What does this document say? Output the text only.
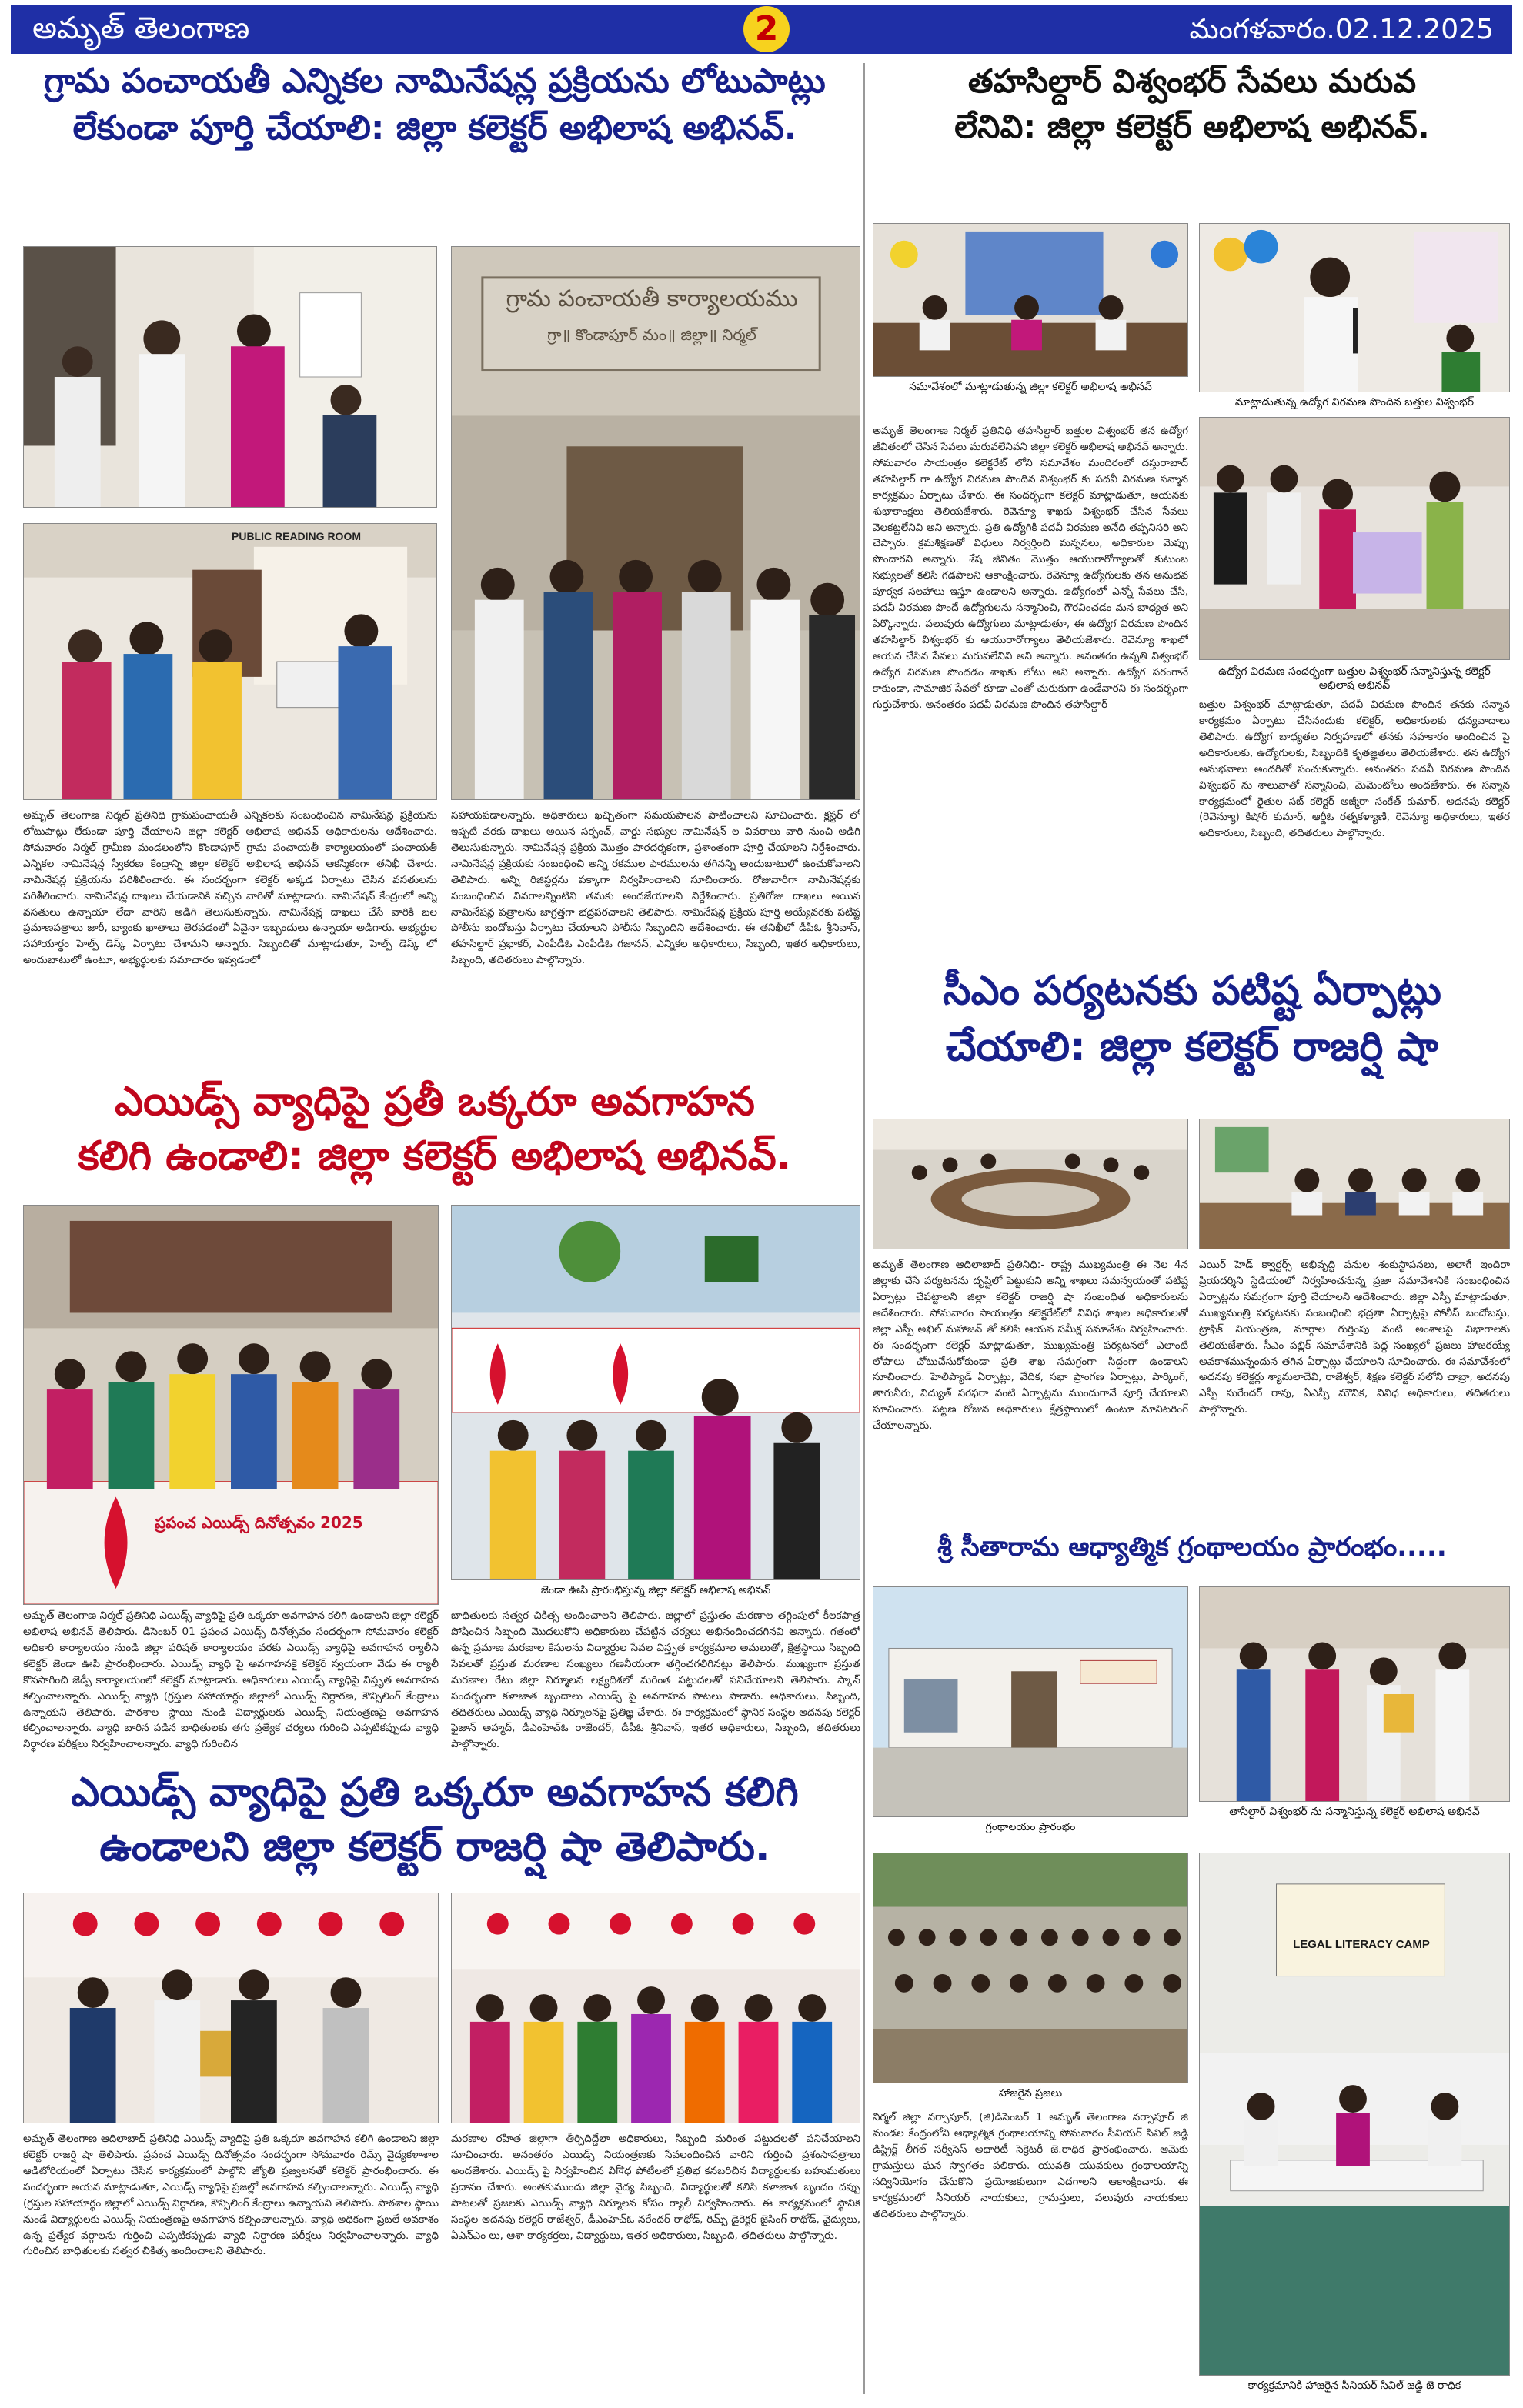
అమృత్ తెలంగాణ	2	మంగళవారం.02.12.2025
గ్రామ పంచాయతీ ఎన్నికల నామినేషన్ల ప్రక్రియను లోటుపాట్లు
లేకుండా పూర్తి చేయాలి: జిల్లా కలెక్టర్ అభిలాష అభినవ్.
PUBLIC READING ROOM
గ్రామ పంచాయతీ కార్యాలయము
గ్రా॥ కొండాపూర్ మం॥ జిల్లా॥ నిర్మల్
అమృత్ తెలంగాణ నిర్మల్ ప్రతినిధి గ్రామపంచాయతీ ఎన్నికలకు సంబంధించిన నామినేషన్ల ప్రక్రియను లోటుపాట్లు లేకుండా పూర్తి చేయాలని జిల్లా కలెక్టర్ అభిలాష అభినవ్ అధికారులను ఆదేశించారు. సోమవారం నిర్మల్ గ్రామీణ మండలంలోని కొండాపూర్ గ్రామ పంచాయతీ కార్యాలయంలో పంచాయతీ ఎన్నికల నామినేషన్ల స్వీకరణ కేంద్రాన్ని జిల్లా కలెక్టర్ అభిలాష అభినవ్ ఆకస్మికంగా తనిఖీ చేశారు. నామినేషన్ల ప్రక్రియను పరిశీలించారు. ఈ సందర్భంగా కలెక్టర్ అక్కడ ఏర్పాటు చేసిన వసతులను పరిశీలించారు. నామినేషన్ల దాఖలు చేయడానికి వచ్చిన వారితో మాట్లాడారు. నామినేషన్ కేంద్రంలో అన్ని వసతులు ఉన్నాయా లేదా వారిని అడిగి తెలుసుకున్నారు. నామినేషన్ల దాఖలు చేసే వారికి బల ప్రమాణపత్రాలు జారీ, బ్యాంకు ఖాతాలు తెరవడంలో ఏవైనా ఇబ్బందులు ఉన్నాయా అడిగారు. అభ్యర్థుల సహాయార్థం హెల్ప్ డెస్క్ ఏర్పాటు చేశామని అన్నారు. సిబ్బందితో మాట్లాడుతూ, హెల్ప్ డెస్క్ లో అందుబాటులో ఉంటూ, అభ్యర్థులకు సమాచారం ఇవ్వడంలో
సహాయపడాలన్నారు. అధికారులు ఖచ్చితంగా సమయపాలన పాటించాలని సూచించారు. క్లస్టర్ లో ఇప్పటి వరకు దాఖలు అయిన సర్పంచ్, వార్డు సభ్యుల నామినేషన్ ల వివరాలు వారి నుంచి అడిగి తెలుసుకున్నారు. నామినేషన్ల ప్రక్రియ మొత్తం పారదర్శకంగా, ప్రశాంతంగా పూర్తి చేయాలని నిర్దేశించారు. నామినేషన్ల ప్రక్రియకు సంబంధించి అన్ని రకముల ఫారములను తగినన్ని అందుబాటులో ఉంచుకోవాలని తెలిపారు. అన్ని రిజిస్టర్లను పక్కాగా నిర్వహించాలని సూచించారు. రోజువారీగా నామినేషన్లకు సంబంధించిన వివరాలన్నింటిని తమకు అందజేయాలని నిర్దేశించారు. ప్రతిరోజు దాఖలు అయిన నామినేషన్ల పత్రాలను జాగ్రత్తగా భద్రపరచాలని తెలిపారు. నామినేషన్ల ప్రక్రియ పూర్తి అయ్యేవరకు పటిష్ట పోలీసు బందోబస్తు ఏర్పాటు చేయాలని పోలీసు సిబ్బందిని ఆదేశించారు. ఈ తనిఖీలో డీపీఓ శ్రీనివాస్, తహసిల్దార్ ప్రభాకర్, ఎంపీడీఓ ఎంపీడీఓ గజానన్, ఎన్నికల అధికారులు, సిబ్బంది, ఇతర అధికారులు, సిబ్బంది, తదితరులు పాల్గొన్నారు.
ఎయిడ్స్ వ్యాధిపై ప్రతీ ఒక్కరూ అవగాహన
కలిగి ఉండాలి: జిల్లా కలెక్టర్ అభిలాష అభినవ్.
ప్రపంచ ఎయిడ్స్ దినోత్సవం 2025
జెండా ఊపి ప్రారంభిస్తున్న జిల్లా కలెక్టర్ అభిలాష అభినవ్
అమృత్ తెలంగాణ నిర్మల్ ప్రతినిధి ఎయిడ్స్ వ్యాధిపై ప్రతి ఒక్కరూ అవగాహన కలిగి ఉండాలని జిల్లా కలెక్టర్ అభిలాష అభినవ్ తెలిపారు. డిసెంబర్ 01 ప్రపంచ ఎయిడ్స్ దినోత్సవం సందర్భంగా సోమవారం కలెక్టర్ అధికారి కార్యాలయం నుండి జిల్లా పరిషత్ కార్యాలయం వరకు ఎయిడ్స్ వ్యాధిపై అవగాహన ర్యాలీని కలెక్టర్ జెండా ఊపి ప్రారంభించారు. ఎయిడ్స్ వ్యాధి పై అవగాహనకై కలెక్టర్ స్వయంగా వేడు ఈ ర్యాలీ కొనసాగించి జెడ్పీ కార్యాలయంలో కలెక్టర్ మాట్లాడారు. అధికారులు ఎయిడ్స్ వ్యాధిపై విస్తృత అవగాహన కల్పించాలన్నారు. ఎయిడ్స్ వ్యాధి (గ్రస్తుల సహాయార్థం జిల్లాలో ఎయిడ్స్ నిర్ధారణ, కౌన్సిలింగ్ కేంద్రాలు ఉన్నాయని తెలిపారు. పాఠశాల స్థాయి నుండి విద్యార్థులకు ఎయిడ్స్ నియంత్రణపై అవగాహన కల్పించాలన్నారు. వ్యాధి బారిన పడిన బాధితులకు తగు ప్రత్యేక చర్యలు గురించి ఎప్పటికప్పుడు వ్యాధి నిర్ధారణ పరీక్షలు నిర్వహించాలన్నారు. వ్యాధి గురించిన
బాధితులకు సత్వర చికిత్స అందించాలని తెలిపారు. జిల్లాలో ప్రస్తుతం మరణాల తగ్గింపులో కీలకపాత్ర పోషించిన సిబ్బంది మొదలుకొని అధికారులు చేపట్టిన చర్యలు అభినందించదగినవి అన్నారు. గతంలో ఉన్న ప్రమాణ మరణాల కేసులను విద్యార్థుల సేవల విస్తృత కార్యక్రమాల అమలుతో, క్షేత్రస్థాయి సిబ్బంది సేవలతో ప్రస్తుత మరణాల సంఖ్యలు గణనీయంగా తగ్గించగలిగినట్లు తెలిపారు. ముఖ్యంగా ప్రస్తుత మరణాల రేటు జిల్లా నిర్మూలన లక్ష్యదిశలో మరింత పట్టుదలతో పనిచేయాలని తెలిపారు. స్కాన్ సందర్భంగా కళాజాత బృందాలు ఎయిడ్స్ పై అవగాహన పాటలు పాడారు. అధికారులు, సిబ్బంది, తదితరులు ఎయిడ్స్ వ్యాధి నిర్మూలనపై ప్రతిజ్ఞ చేశారు. ఈ కార్యక్రమంలో స్థానిక సంస్థల అదనపు కలెక్టర్ ఫైజాన్ అహ్మద్, డీఎంహెచ్ఓ రాజేందర్, డీపీఓ శ్రీనివాస్, ఇతర అధికారులు, సిబ్బంది, తదితరులు పాల్గొన్నారు.
ఎయిడ్స్ వ్యాధిపై ప్రతి ఒక్కరూ అవగాహన కలిగి
ఉండాలని జిల్లా కలెక్టర్ రాజర్షి షా తెలిపారు.
అమృత్ తెలంగాణ ఆదిలాబాద్ ప్రతినిధి ఎయిడ్స్ వ్యాధిపై ప్రతి ఒక్కరూ అవగాహన కలిగి ఉండాలని జిల్లా కలెక్టర్ రాజర్షి షా తెలిపారు. ప్రపంచ ఎయిడ్స్ దినోత్సవం సందర్భంగా సోమవారం రిమ్స్ వైద్యకళాశాల ఆడిటోరియంలో ఏర్పాటు చేసిన కార్యక్రమంలో పాల్గొని జ్యోతి ప్రజ్వలనతో కలెక్టర్ ప్రారంభించారు. ఈ సందర్భంగా అయన మాట్లాడుతూ, ఎయిడ్స్ వ్యాధిపై ప్రజల్లో అవగాహన కల్పించాలన్నారు. ఎయిడ్స్ వ్యాధి (గ్రస్తుల సహాయార్థం జిల్లాలో ఎయిడ్స్ నిర్ధారణ, కౌన్సిలింగ్ కేంద్రాలు ఉన్నాయని తెలిపారు. పాఠశాల స్థాయి నుండే విద్యార్థులకు ఎయిడ్స్ నియంత్రణపై అవగాహన కల్పించాలన్నారు. వ్యాధి అధికంగా ప్రబలే అవకాశం ఉన్న ప్రత్యేక వర్గాలను గుర్తించి ఎప్పటికప్పుడు వ్యాధి నిర్ధారణ పరీక్షలు నిర్వహించాలన్నారు. వ్యాధి గురించిన బాధితులకు సత్వర చికిత్స అందించాలని తెలిపారు.
మరణాల రహిత జిల్లాగా తీర్చిదిద్దేలా అధికారులు, సిబ్బంది మరింత పట్టుదలతో పనిచేయాలని సూచించారు. అనంతరం ఎయిడ్స్ నియంత్రణకు సేవలందించిన వారిని గుర్తించి ప్రశంసాపత్రాలు అందజేశారు. ఎయిడ్స్ పై నిర్వహించిన విविధ పోటీలలో ప్రతిభ కనబరిచిన విద్యార్థులకు బహుమతులు ప్రదానం చేశారు. అంతకుముందు జిల్లా వైద్య సిబ్బంది, విద్యార్థులతో కలిసి కళాజాత బృందం దప్పు పాటలతో ప్రజలకు ఎయిడ్స్ వ్యాధి నిర్మూలన కోసం ర్యాలీ నిర్వహించారు. ఈ కార్యక్రమంలో స్థానిక సంస్థల అదనపు కలెక్టర్ రాజేశ్వర్, డీఎంహెచ్ఓ నరేందర్ రాథోడ్, రిమ్స్ డైరెక్టర్ జైసింగ్ రాథోడ్, వైద్యులు, ఏఎన్ఎం లు, ఆశా కార్యకర్తలు, విద్యార్థులు, ఇతర అధికారులు, సిబ్బంది, తదితరులు పాల్గొన్నారు.
తహసిల్దార్ విశ్వంభర్ సేవలు మరువ
లేనివి: జిల్లా కలెక్టర్ అభిలాష అభినవ్.
సమావేశంలో మాట్లాడుతున్న జిల్లా కలెక్టర్ అభిలాష అభినవ్
మాట్లాడుతున్న ఉద్యోగ విరమణ పొందిన బత్తుల విశ్వంభర్
అమృత్ తెలంగాణ నిర్మల్ ప్రతినిధి తహసిల్దార్ బత్తుల విశ్వంభర్ తన ఉద్యోగ జీవితంలో చేసిన సేవలు మరువలేనివని జిల్లా కలెక్టర్ అభిలాష అభినవ్ అన్నారు. సోమవారం సాయంత్రం కలెక్టరేట్ లోని సమావేశం మందిరంలో దస్తురాబాద్ తహసిల్దార్ గా ఉద్యోగ విరమణ పొందిన విశ్వంభర్ కు పదవీ విరమణ సన్మాన కార్యక్రమం ఏర్పాటు చేశారు. ఈ సందర్భంగా కలెక్టర్ మాట్లాడుతూ, ఆయనకు శుభాకాంక్షలు తెలియజేశారు. రెవెన్యూ శాఖకు విశ్వంభర్ చేసిన సేవలు వెలకట్టలేనివి అని అన్నారు. ప్రతి ఉద్యోగికి పదవీ విరమణ అనేది తప్పనిసరి అని చెప్పారు. క్రమశిక్షణతో విధులు నిర్వర్తించి మన్ననలు, అధికారుల మెప్పు పొందారని అన్నారు. శేష జీవితం మొత్తం ఆయురారోగ్యాలతో కుటుంబ సభ్యులతో కలిసి గడపాలని ఆకాంక్షించారు. రెవెన్యూ ఉద్యోగులకు తన అనుభవ పూర్వక సలహాలు ఇస్తూ ఉండాలని అన్నారు. ఉద్యోగంలో ఎన్నో సేవలు చేసి, పదవీ విరమణ పొందే ఉద్యోగులను సన్మానించి, గౌరవించడం మన బాధ్యత అని పేర్కొన్నారు. పలువురు ఉద్యోగులు మాట్లాడుతూ, ఈ ఉద్యోగ విరమణ పొందిన తహసిల్దార్ విశ్వంభర్ కు ఆయురారోగ్యాలు తెలియజేశారు. రెవెన్యూ శాఖలో ఆయన చేసిన సేవలు మరువలేనివి అని అన్నారు. అనంతరం ఉన్నతి విశ్వంభర్ ఉద్యోగ విరమణ పొందడం శాఖకు లోటు అని అన్నారు. ఉద్యోగ పరంగానే కాకుండా, సామాజిక సేవలో కూడా ఎంతో చురుకుగా ఉండేవారని ఈ సందర్భంగా గుర్తుచేశారు. అనంతరం పదవీ విరమణ పొందిన తహసిల్దార్
ఉద్యోగ విరమణ సందర్భంగా బత్తుల విశ్వంభర్ సన్మానిస్తున్న కలెక్టర్ అభిలాష అభినవ్
బత్తుల విశ్వంభర్ మాట్లాడుతూ, పదవీ విరమణ పొందిన తనకు సన్మాన కార్యక్రమం ఏర్పాటు చేసినందుకు కలెక్టర్, అధికారులకు ధన్యవాదాలు తెలిపారు. ఉద్యోగ బాధ్యతల నిర్వహణలో తనకు సహకారం అందించిన పై అధికారులకు, ఉద్యోగులకు, సిబ్బందికి కృతజ్ఞతలు తెలియజేశారు. తన ఉద్యోగ అనుభవాలు అందరితో పంచుకున్నారు. అనంతరం పదవీ విరమణ పొందిన విశ్వంభర్ ను శాలువాతో సన్మానించి, మెమెంటోలు అందజేశారు. ఈ సన్మాన కార్యక్రమంలో రైతుల సబ్ కలెక్టర్ అజ్మీరా సంకేత్ కుమార్, అదనపు కలెక్టర్ (రెవెన్యూ) కిషోర్ కుమార్, ఆర్డీఓ రత్నకళ్యాణి, రెవెన్యూ అధికారులు, ఇతర అధికారులు, సిబ్బంది, తదితరులు పాల్గొన్నారు.
సీఎం పర్యటనకు పటిష్ట ఏర్పాట్లు
చేయాలి: జిల్లా కలెక్టర్ రాజర్షి షా
అమృత్ తెలంగాణ ఆదిలాబాద్ ప్రతినిధి:- రాష్ట్ర ముఖ్యమంత్రి ఈ నెల 4న జిల్లాకు చేసే పర్యటనను దృష్టిలో పెట్టుకుని అన్ని శాఖలు సమన్వయంతో పటిష్ట ఏర్పాట్లు చేపట్టాలని జిల్లా కలెక్టర్ రాజర్షి షా సంబంధిత అధికారులను ఆదేశించారు. సోమవారం సాయంత్రం కలెక్టరేట్‌లో వివిధ శాఖల అధికారులతో జిల్లా ఎస్పీ అఖిల్ మహాజన్ తో కలిసి ఆయన సమీక్ష సమావేశం నిర్వహించారు. ఈ సందర్భంగా కలెక్టర్ మాట్లాడుతూ, ముఖ్యమంత్రి పర్యటనలో ఎలాంటి లోపాలు చోటుచేసుకోకుండా ప్రతి శాఖ సమగ్రంగా సిద్ధంగా ఉండాలని సూచించారు. హెలిప్యాడ్ ఏర్పాట్లు, వేదిక, సభా ప్రాంగణ ఏర్పాట్లు, పార్కింగ్, తాగునీరు, విద్యుత్ సరఫరా వంటి ఏర్పాట్లను ముందుగానే పూర్తి చేయాలని సూచించారు. పట్టణ రోజున అధికారులు క్షేత్రస్థాయిలో ఉంటూ మానిటరింగ్ చేయాలన్నారు.
ఎయిర్ హెడ్ క్వార్టర్స్ అభివృద్ధి పనుల శంకుస్థాపనలు, అలాగే ఇందిరా ప్రియదర్శిని స్టేడియంలో నిర్వహించనున్న ప్రజా సమావేశానికి సంబంధించిన ఏర్పాట్లను సమగ్రంగా పూర్తి చేయాలని ఆదేశించారు. జిల్లా ఎస్పీ మాట్లాడుతూ, ముఖ్యమంత్రి పర్యటనకు సంబంధించి భద్రతా ఏర్పాట్లపై పోలీస్ బందోబస్తు, ట్రాఫిక్ నియంత్రణ, మార్గాల గుర్తింపు వంటి అంశాలపై విభాగాలకు తెలియజేశారు. సీఎం పబ్లిక్ సమావేశానికి పెద్ద సంఖ్యలో ప్రజలు హాజరయ్యే అవకాశమున్నందున తగిన ఏర్పాట్లు చేయాలని సూచించారు. ఈ సమావేశంలో అదనపు కలెక్టర్లు శ్యామలాదేవి, రాజేశ్వర్, శిక్షణ కలెక్టర్ సలోని చాబ్రా, అదనపు ఎస్పీ సురేందర్ రావు, ఏఎస్పీ మౌనిక, వివిధ అధికారులు, తదితరులు పాల్గొన్నారు.
శ్రీ సీతారామ ఆధ్యాత్మిక గ్రంథాలయం ప్రారంభం.....
గ్రంథాలయం ప్రారంభం
తాసిల్దార్ విశ్వంభర్ ను సన్మానిస్తున్న కలెక్టర్ అభిలాష అభినవ్
హాజరైన ప్రజలు
నిర్మల్ జిల్లా నర్సాపూర్, (జి)డిసెంబర్ 1 అమృత్ తెలంగాణ నర్సాపూర్ జి మండల కేంద్రంలోని ఆధ్యాత్మిక గ్రంథాలయాన్ని సోమవారం సీనియర్ సివిల్ జడ్జి డిస్ట్రిక్ట్ లీగల్ సర్వీసెస్ అథారిటీ సెక్రెటరీ జె.రాధిక ప్రారంభించారు. ఆమెకు గ్రామస్తులు ఘన స్వాగతం పలికారు. యువతి యువకులు గ్రంథాలయాన్ని సద్వినియోగం చేసుకొని ప్రయోజకులుగా ఎదగాలని ఆకాంక్షించారు. ఈ కార్యక్రమంలో సీనియర్ నాయకులు, గ్రామస్తులు, పలువురు నాయకులు తదితరులు పాల్గొన్నారు.
LEGAL LITERACY CAMP
కార్యక్రమానికి హాజరైన సీనియర్ సివిల్ జడ్జి జె రాధిక
